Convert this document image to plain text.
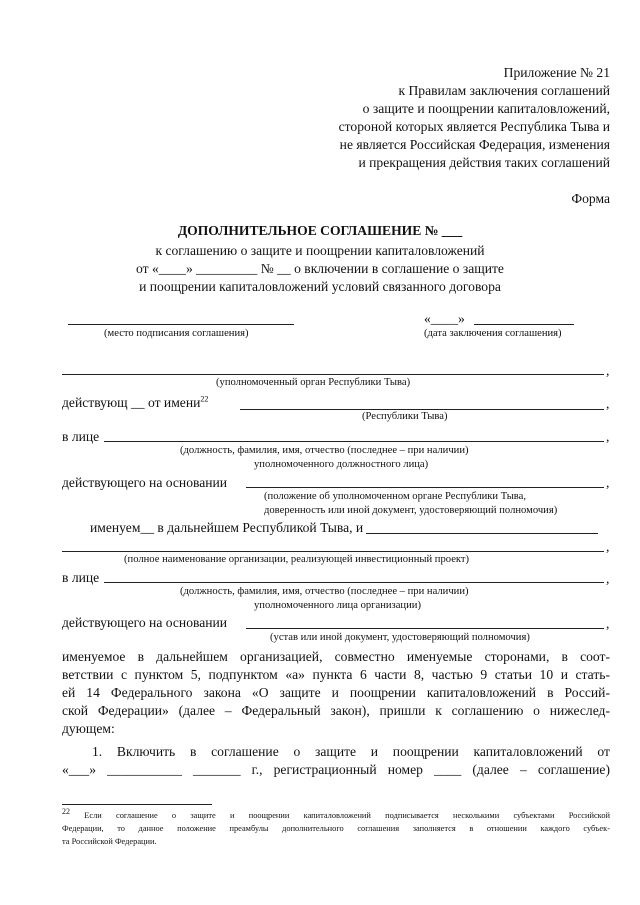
Приложение № 21
к Правилам заключения соглашений
о защите и поощрении капиталовложений,
стороной которых является Республика Тыва и
не является Российская Федерация, изменения
и прекращения действия таких соглашений
Форма
ДОПОЛНИТЕЛЬНОЕ СОГЛАШЕНИЕ № ___
к соглашению о защите и поощрении капиталовложений
от «____» _________ № __ о включении в соглашение о защите
и поощрении капиталовложений условий связанного договора
«____»
(место подписания соглашения)	(дата заключения соглашения)
,
(уполномоченный орган Республики Тыва)
действующ __ от имени$^{22}$	,
(Республики Тыва)
в лице	,
(должность, фамилия, имя, отчество (последнее – при наличии)
уполномоченного должностного лица)
действующего на основании	,
(положение об уполномоченном органе Республики Тыва,
доверенность или иной документ, удостоверяющий полномочия)
именуем__ в дальнейшем Республикой Тыва, и
,
(полное наименование организации, реализующей инвестиционный проект)
в лице	,
(должность, фамилия, имя, отчество (последнее – при наличии)
уполномоченного лица организации)
действующего на основании	,
(устав или иной документ, удостоверяющий полномочия)
именуемое в дальнейшем организацией, совместно именуемые сторонами, в соот-
ветствии с пунктом 5, подпунктом «а» пункта 6 части 8, частью 9 статьи 10 и стать-
ей 14 Федерального закона «О защите и поощрении капиталовложений в Россий-
ской Федерации» (далее – Федеральный закон), пришли к соглашению о нижеслед-
дующем:
1. Включить в соглашение о защите и поощрении капиталовложений от
«___» ___________ _______ г., регистрационный номер ____ (далее – соглашение)
$^{22}$ Если соглашение о защите и поощрении капиталовложений подписывается несколькими субъектами Российской
Федерации, то данное положение преамбулы дополнительного соглашения заполняется в отношении каждого субъек-
та Российской Федерации.
